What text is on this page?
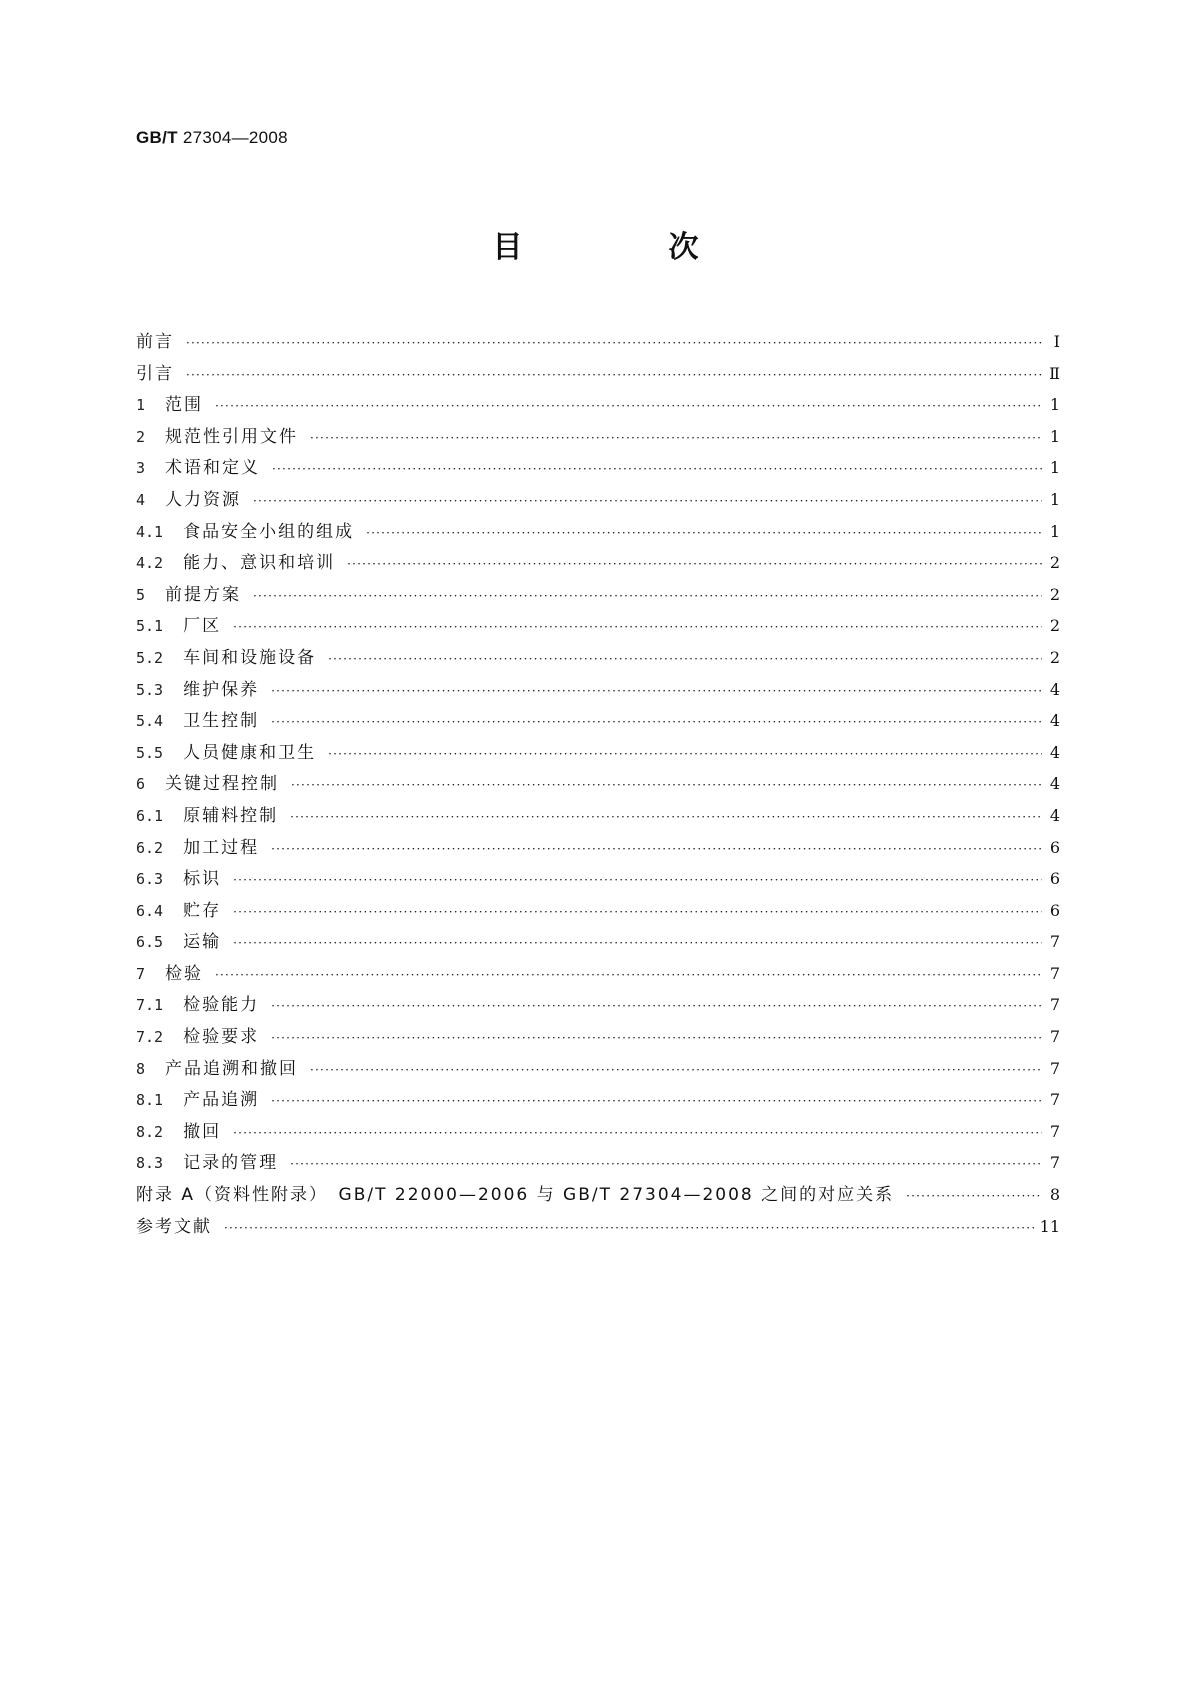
GB/T 27304—2008
目　次
前言 ·····	Ⅰ
引言 ·····	Ⅱ
1	范围 ·····	1
2	规范性引用文件 ·····	1
3	术语和定义 ·····	1
4	人力资源 ·····	1
4.1	食品安全小组的组成 ·····	1
4.2	能力、意识和培训 ·····	2
5	前提方案 ·····	2
5.1	厂区 ·····	2
5.2	车间和设施设备 ·····	2
5.3	维护保养 ·····	4
5.4	卫生控制 ·····	4
5.5	人员健康和卫生 ·····	4
6	关键过程控制 ·····	4
6.1	原辅料控制 ·····	4
6.2	加工过程 ·····	6
6.3	标识 ·····	6
6.4	贮存 ·····	6
6.5	运输 ·····	7
7	检验 ·····	7
7.1	检验能力 ·····	7
7.2	检验要求 ·····	7
8	产品追溯和撤回 ·····	7
8.1	产品追溯 ·····	7
8.2	撤回 ·····	7
8.3	记录的管理 ·····	7
附录 A（资料性附录）　GB/T 22000—2006 与 GB/T 27304—2008 之间的对应关系 ·····	8
参考文献 ·····	11
